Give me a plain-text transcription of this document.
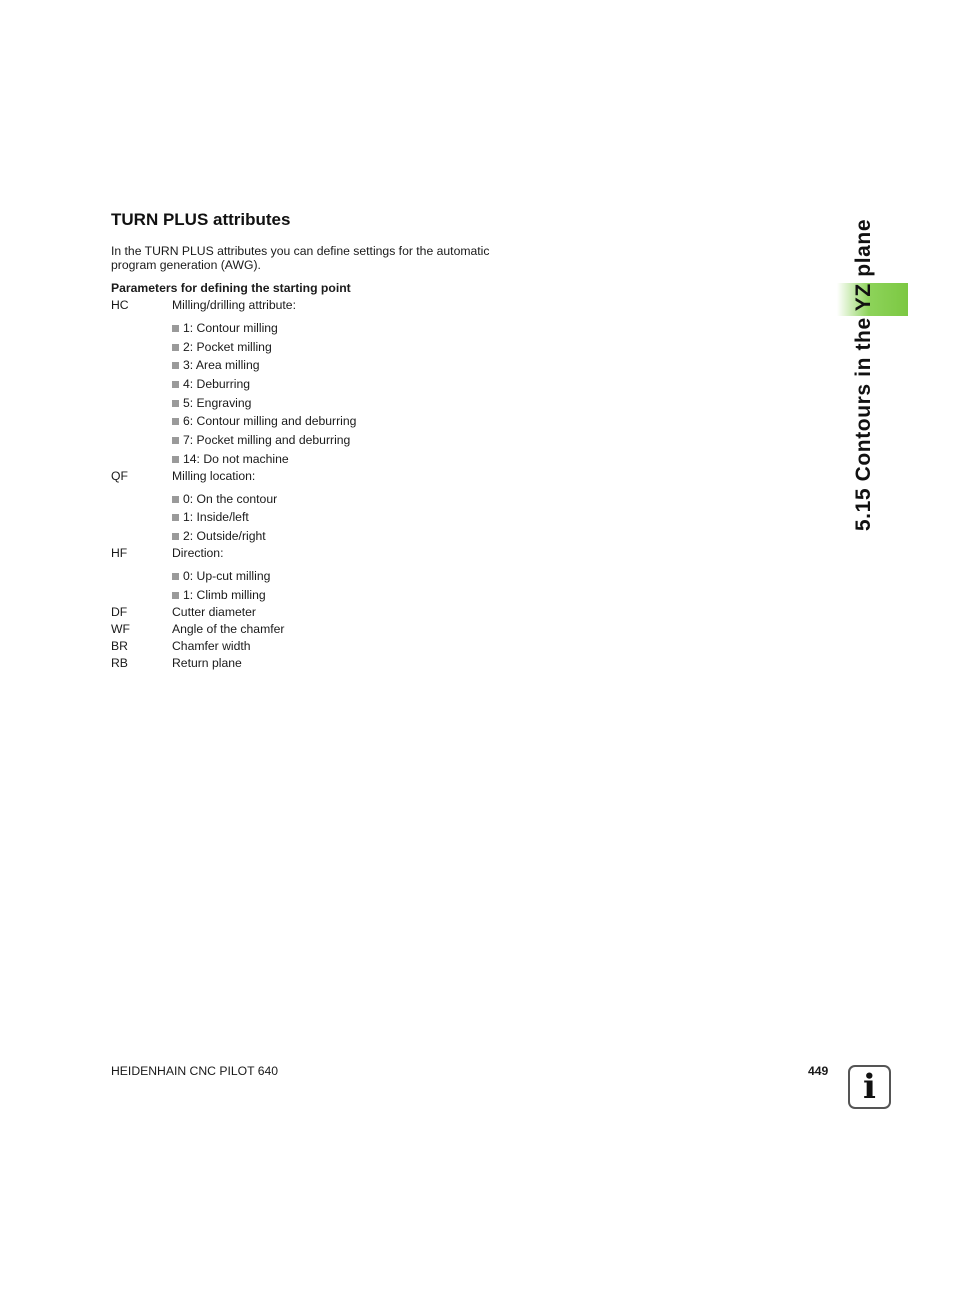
TURN PLUS attributes
In the TURN PLUS attributes you can define settings for the automatic program generation (AWG).
Parameters for defining the starting point
HC	Milling/drilling attribute:
1: Contour milling
2: Pocket milling
3: Area milling
4: Deburring
5: Engraving
6: Contour milling and deburring
7: Pocket milling and deburring
14: Do not machine
QF	Milling location:
0: On the contour
1: Inside/left
2: Outside/right
HF	Direction:
0: Up-cut milling
1: Climb milling
DF	Cutter diameter
WF	Angle of the chamfer
BR	Chamfer width
RB	Return plane
5.15 Contours in the YZ plane
HEIDENHAIN CNC PILOT 640	449	i
